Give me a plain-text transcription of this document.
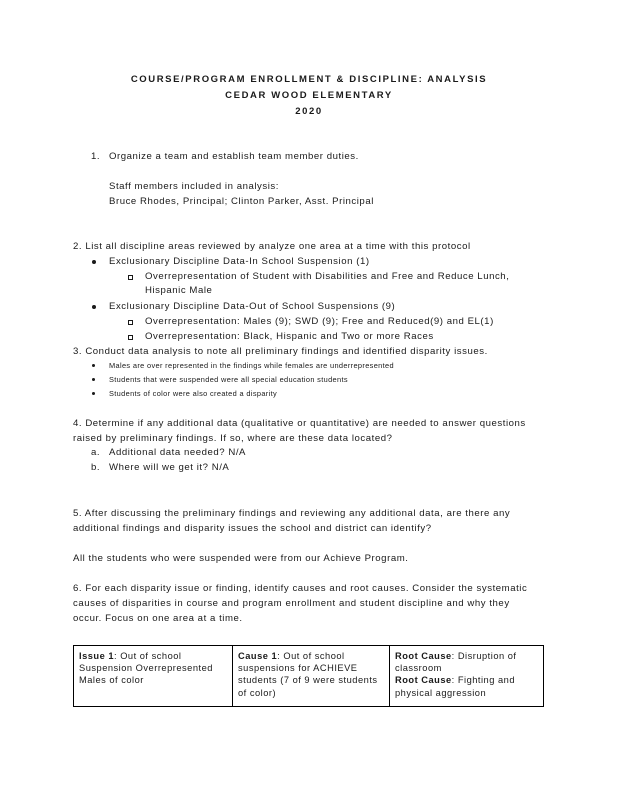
COURSE/PROGRAM ENROLLMENT & DISCIPLINE: ANALYSIS
CEDAR WOOD ELEMENTARY
2020
1. Organize a team and establish team member duties.
Staff members included in analysis:
Bruce Rhodes, Principal; Clinton Parker, Asst. Principal
2. List all discipline areas reviewed by analyze one area at a time with this protocol
Exclusionary Discipline Data-In School Suspension (1)
Overrepresentation of Student with Disabilities and Free and Reduce Lunch,
Hispanic Male
Exclusionary Discipline Data-Out of School Suspensions (9)
Overrepresentation: Males (9); SWD (9); Free and Reduced(9) and EL(1)
Overrepresentation: Black, Hispanic and Two or more Races
3. Conduct data analysis to note all preliminary findings and identified disparity issues.
Males are over represented in the findings while females are underrepresented
Students that were suspended were all special education students
Students of color were also created a disparity
4. Determine if any additional data (qualitative or quantitative) are needed to answer questions
raised by preliminary findings. If so, where are these data located?
a. Additional data needed? N/A
b. Where will we get it? N/A
5. After discussing the preliminary findings and reviewing any additional data, are there any
additional findings and disparity issues the school and district can identify?
All the students who were suspended were from our Achieve Program.
6. For each disparity issue or finding, identify causes and root causes. Consider the systematic
causes of disparities in course and program enrollment and student discipline and why they
occur. Focus on one area at a time.
Issue 1: Out of school Suspension Overrepresented Males of color
Cause 1: Out of school suspensions for ACHIEVE students (7 of 9 were students of color)
Root Cause: Disruption of classroom
Root Cause: Fighting and physical aggression
